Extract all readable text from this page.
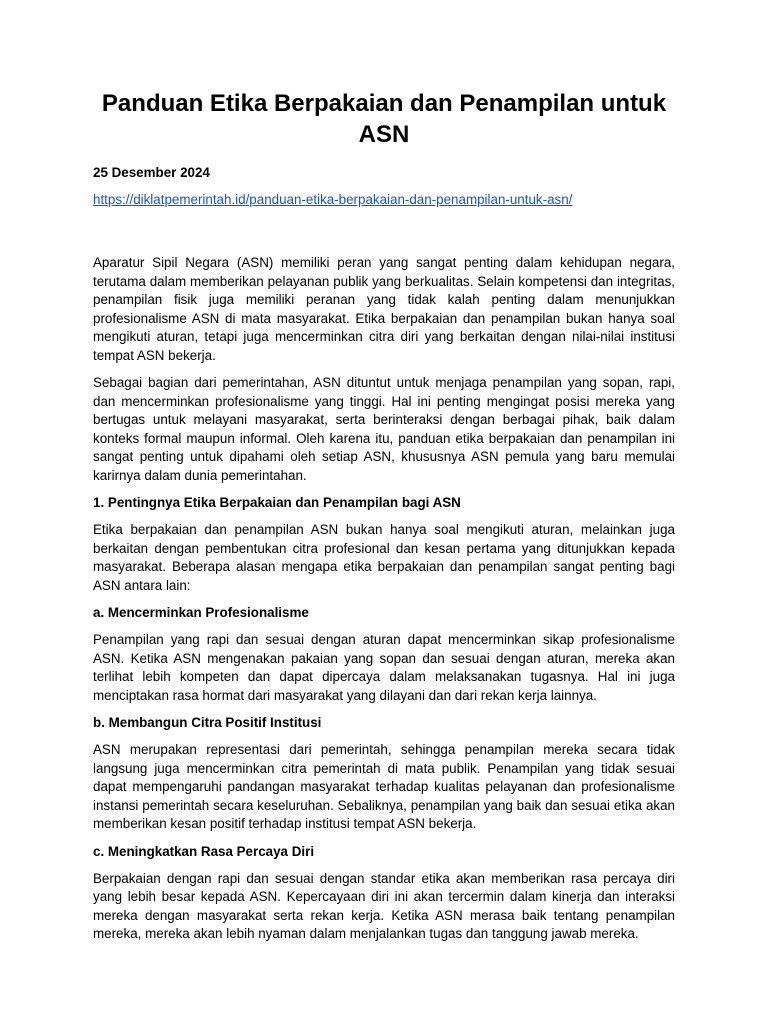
Panduan Etika Berpakaian dan Penampilan untuk ASN
25 Desember 2024
https://diklatpemerintah.id/panduan-etika-berpakaian-dan-penampilan-untuk-asn/

Aparatur Sipil Negara (ASN) memiliki peran yang sangat penting dalam kehidupan negara, terutama dalam memberikan pelayanan publik yang berkualitas. Selain kompetensi dan integritas, penampilan fisik juga memiliki peranan yang tidak kalah penting dalam menunjukkan profesionalisme ASN di mata masyarakat. Etika berpakaian dan penampilan bukan hanya soal mengikuti aturan, tetapi juga mencerminkan citra diri yang berkaitan dengan nilai-nilai institusi tempat ASN bekerja.

Sebagai bagian dari pemerintahan, ASN dituntut untuk menjaga penampilan yang sopan, rapi, dan mencerminkan profesionalisme yang tinggi. Hal ini penting mengingat posisi mereka yang bertugas untuk melayani masyarakat, serta berinteraksi dengan berbagai pihak, baik dalam konteks formal maupun informal. Oleh karena itu, panduan etika berpakaian dan penampilan ini sangat penting untuk dipahami oleh setiap ASN, khususnya ASN pemula yang baru memulai karirnya dalam dunia pemerintahan.

1. Pentingnya Etika Berpakaian dan Penampilan bagi ASN

Etika berpakaian dan penampilan ASN bukan hanya soal mengikuti aturan, melainkan juga berkaitan dengan pembentukan citra profesional dan kesan pertama yang ditunjukkan kepada masyarakat. Beberapa alasan mengapa etika berpakaian dan penampilan sangat penting bagi ASN antara lain:

a. Mencerminkan Profesionalisme

Penampilan yang rapi dan sesuai dengan aturan dapat mencerminkan sikap profesionalisme ASN. Ketika ASN mengenakan pakaian yang sopan dan sesuai dengan aturan, mereka akan terlihat lebih kompeten dan dapat dipercaya dalam melaksanakan tugasnya. Hal ini juga menciptakan rasa hormat dari masyarakat yang dilayani dan dari rekan kerja lainnya.

b. Membangun Citra Positif Institusi

ASN merupakan representasi dari pemerintah, sehingga penampilan mereka secara tidak langsung juga mencerminkan citra pemerintah di mata publik. Penampilan yang tidak sesuai dapat mempengaruhi pandangan masyarakat terhadap kualitas pelayanan dan profesionalisme instansi pemerintah secara keseluruhan. Sebaliknya, penampilan yang baik dan sesuai etika akan memberikan kesan positif terhadap institusi tempat ASN bekerja.

c. Meningkatkan Rasa Percaya Diri

Berpakaian dengan rapi dan sesuai dengan standar etika akan memberikan rasa percaya diri yang lebih besar kepada ASN. Kepercayaan diri ini akan tercermin dalam kinerja dan interaksi mereka dengan masyarakat serta rekan kerja. Ketika ASN merasa baik tentang penampilan mereka, mereka akan lebih nyaman dalam menjalankan tugas dan tanggung jawab mereka.
